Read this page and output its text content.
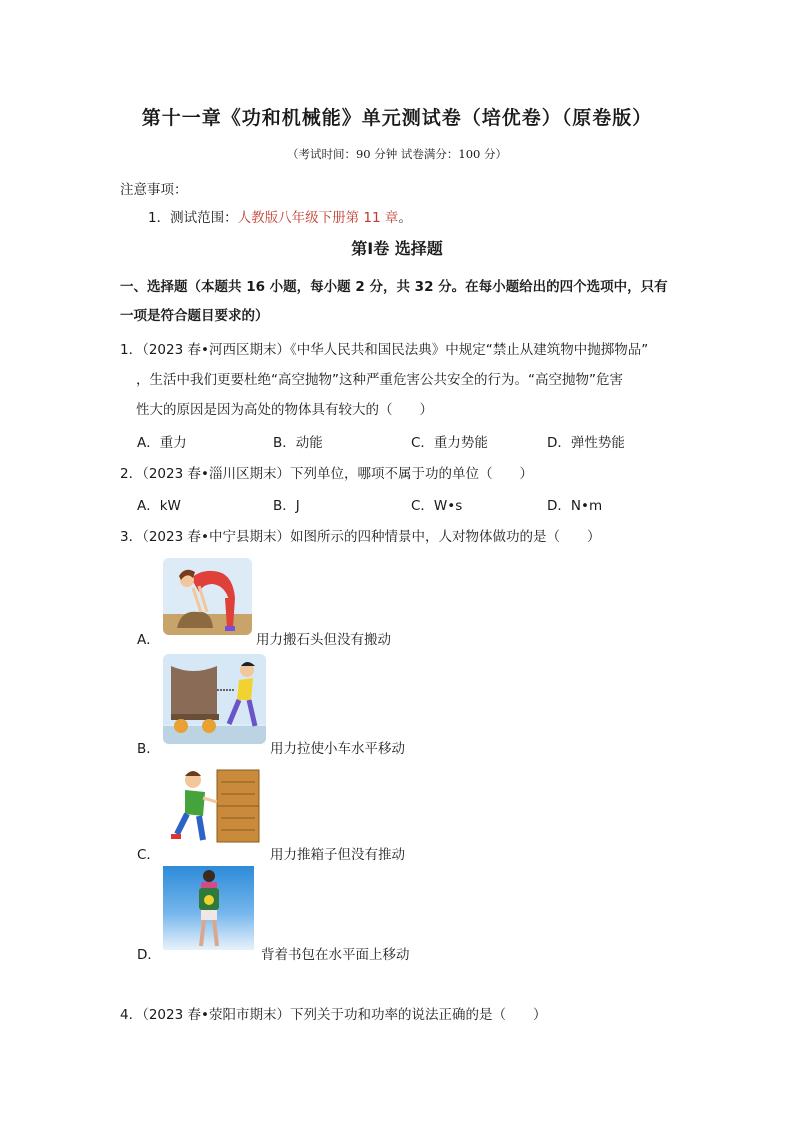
第十一章《功和机械能》单元测试卷（培优卷）（原卷版）
（考试时间：90 分钟 试卷满分：100 分）
注意事项：
1．测试范围：人教版八年级下册第 11 章。
第Ⅰ卷 选择题
一、选择题（本题共 16 小题，每小题 2 分，共 32 分。在每小题给出的四个选项中，只有
一项是符合题目要求的）
1．（2023 春•河西区期末）《中华人民共和国民法典》中规定“禁止从建筑物中抛掷物品”
，生活中我们更要杜绝“高空抛物”这种严重危害公共安全的行为。“高空抛物”危害
性大的原因是因为高处的物体具有较大的（　　）
A．重力	B．动能	C．重力势能	D．弹性势能
2．（2023 春•淄川区期末）下列单位，哪项不属于功的单位（　　）
A．kW	B．J	C．W•s	D．N•m
3．（2023 春•中宁县期末）如图所示的四种情景中，人对物体做功的是（　　）
A．	用力搬石头但没有搬动
B．	用力拉使小车水平移动
C．	用力推箱子但没有推动
D．	背着书包在水平面上移动
4．（2023 春•荥阳市期末）下列关于功和功率的说法正确的是（　　）
